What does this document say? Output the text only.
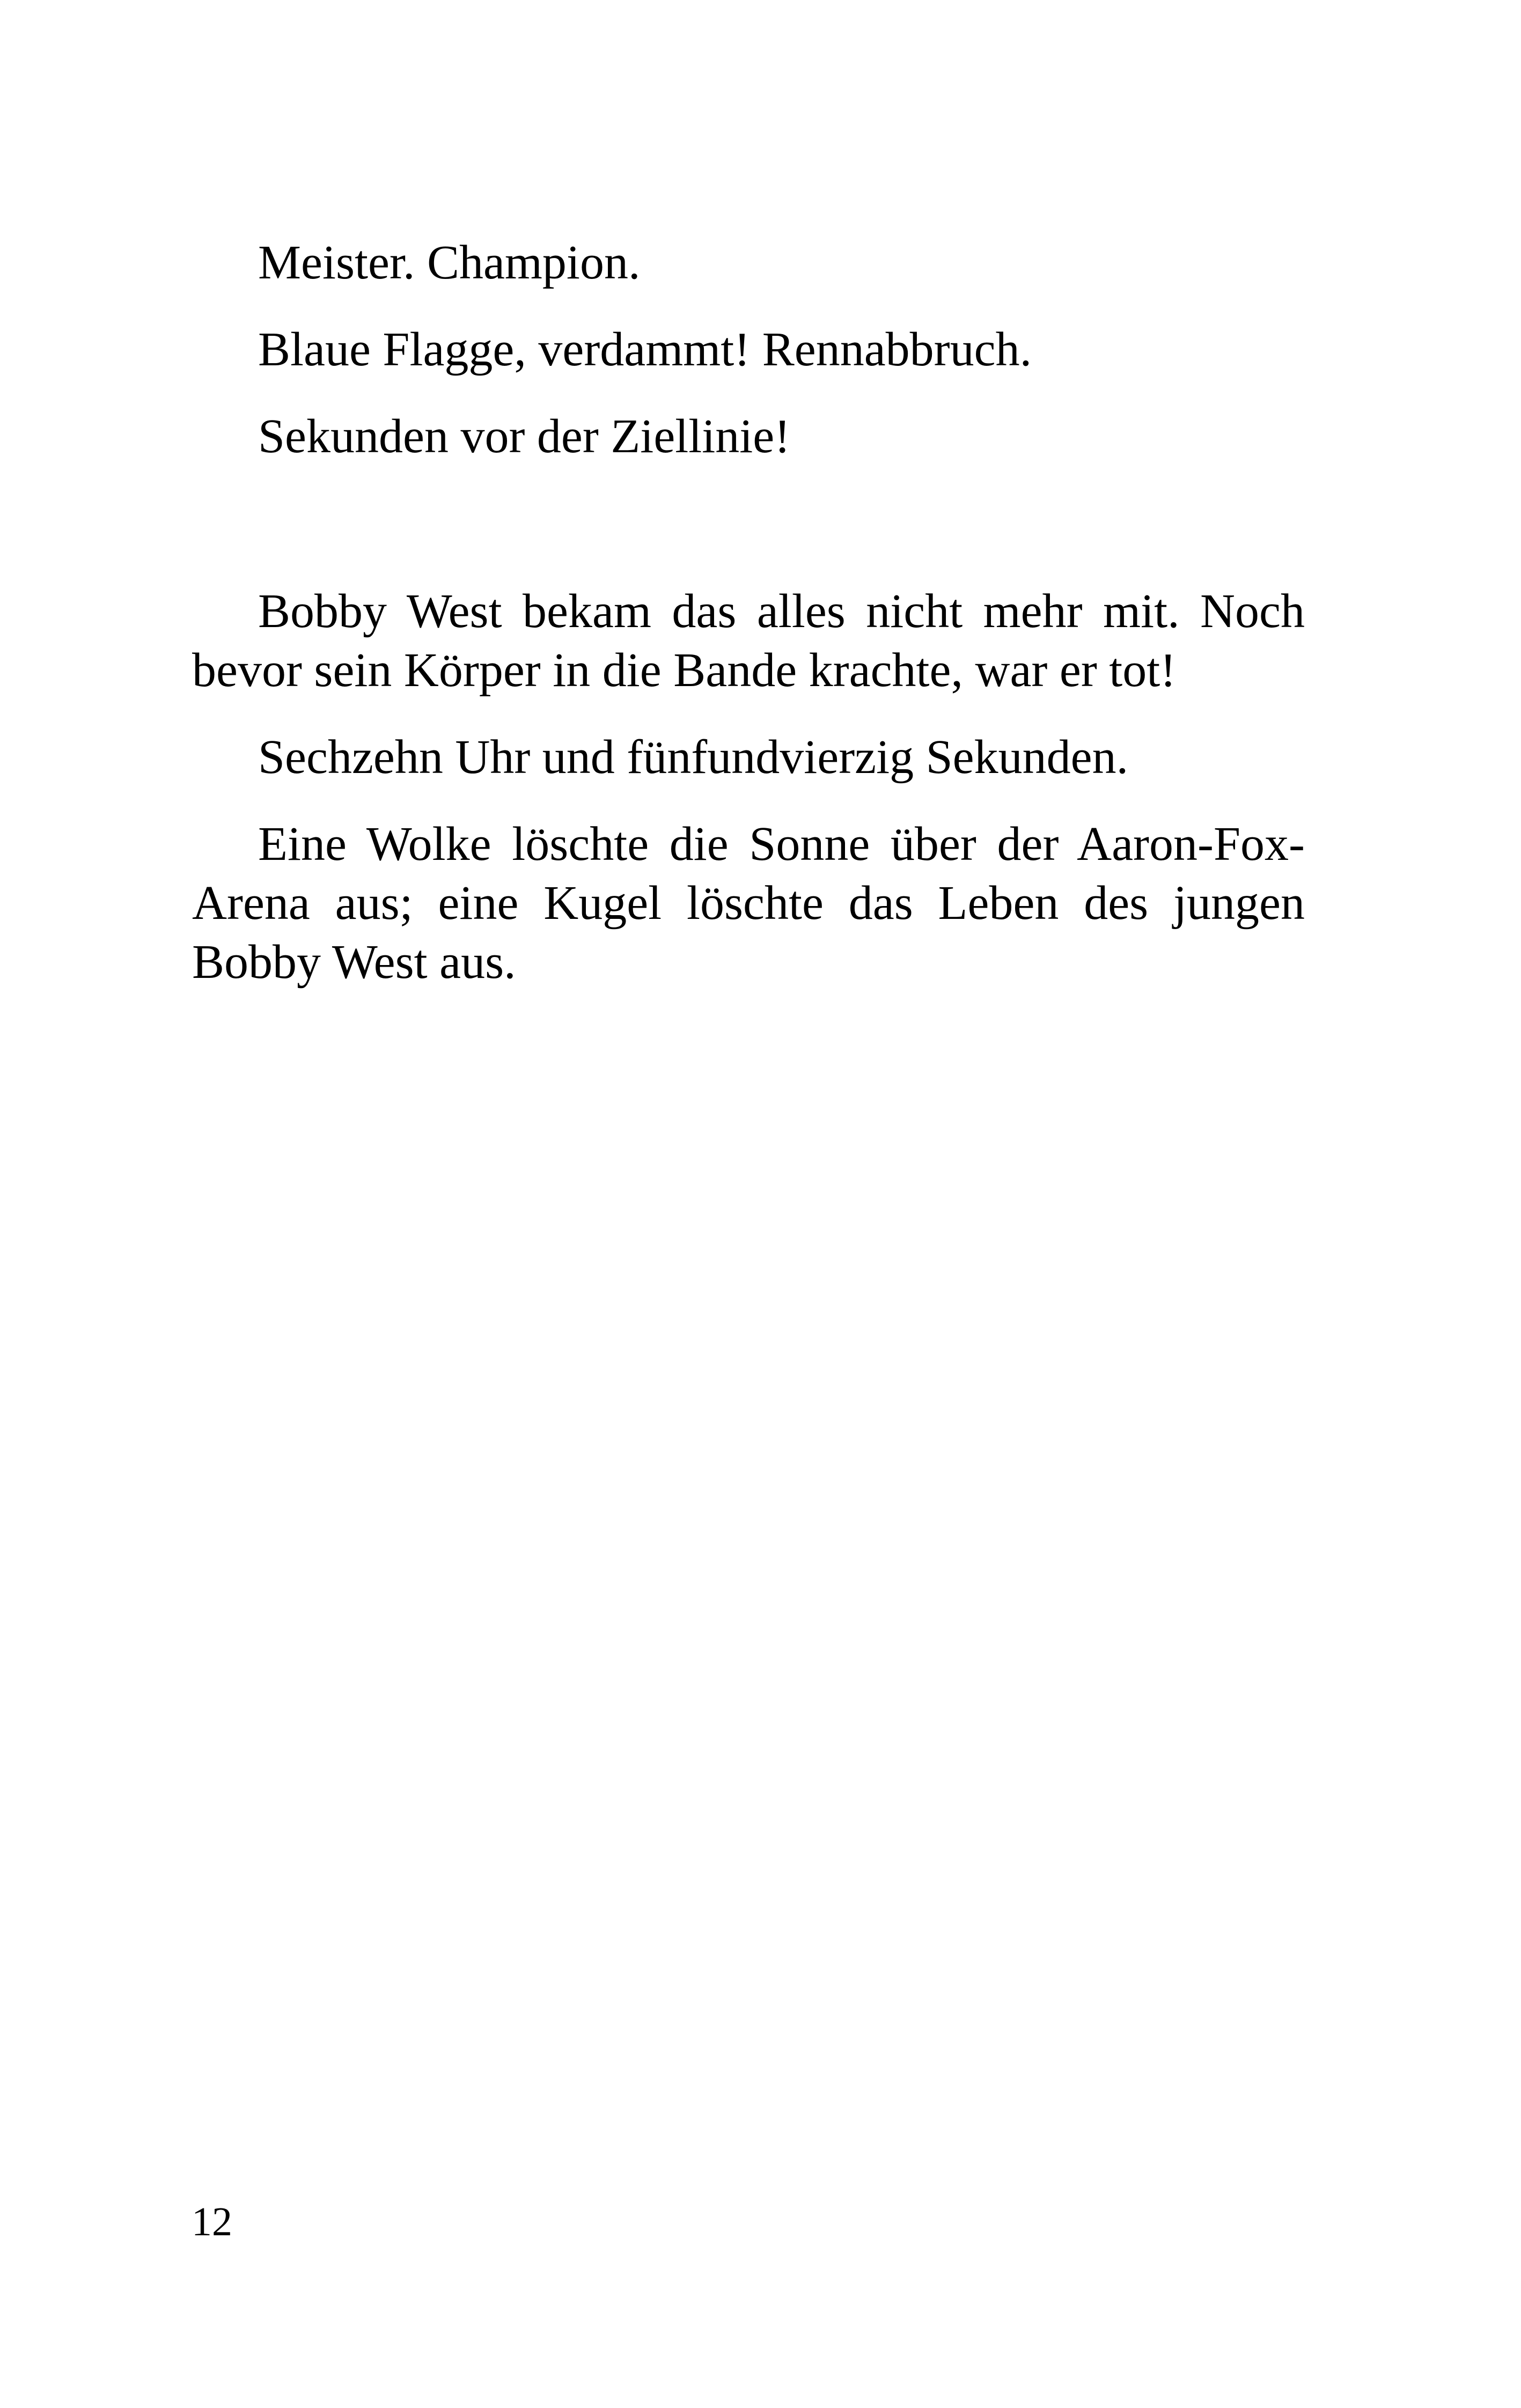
Meister. Champion.

Blaue Flagge, verdammt! Rennabbruch.

Sekunden vor der Ziellinie!

Bobby West bekam das alles nicht mehr mit. Noch
bevor sein Körper in die Bande krachte, war er tot!

Sechzehn Uhr und fünfundvierzig Sekunden.

Eine Wolke löschte die Sonne über der Aaron-Fox-
Arena aus; eine Kugel löschte das Leben des jungen
Bobby West aus.

12
